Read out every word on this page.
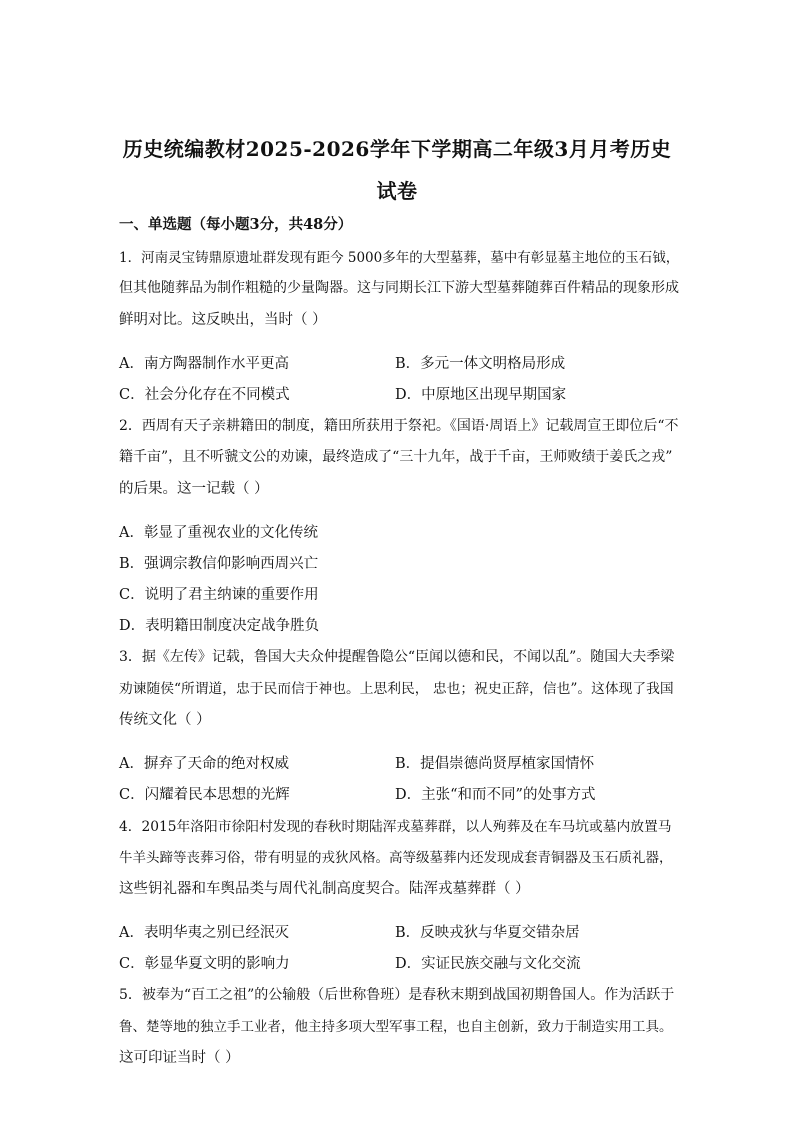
历史统编教材2025-2026学年下学期高二年级3月月考历史
试卷
一、单选题（每小题3分，共48分）
1．河南灵宝铸鼎原遗址群发现有距今 5000多年的大型墓葬，墓中有彰显墓主地位的玉石钺，
但其他随葬品为制作粗糙的少量陶器。这与同期长江下游大型墓葬随葬百件精品的现象形成
鲜明对比。这反映出，当时（ ）
A．南方陶器制作水平更高	B．多元一体文明格局形成
C．社会分化存在不同模式	D．中原地区出现早期国家
2．西周有天子亲耕籍田的制度，籍田所获用于祭祀。《国语·周语上》记载周宣王即位后“不
籍千亩”，且不听虢文公的劝谏，最终造成了“三十九年，战于千亩，王师败绩于姜氏之戎”
的后果。这一记载（ ）
A．彰显了重视农业的文化传统
B．强调宗教信仰影响西周兴亡
C．说明了君主纳谏的重要作用
D．表明籍田制度决定战争胜负
3．据《左传》记载，鲁国大夫众仲提醒鲁隐公“臣闻以德和民，不闻以乱”。随国大夫季梁
劝谏随侯“所谓道，忠于民而信于神也。上思利民， 忠也；祝史正辞，信也”。这体现了我国
传统文化（ ）
A．摒弃了天命的绝对权威	B．提倡崇德尚贤厚植家国情怀
C．闪耀着民本思想的光辉	D．主张“和而不同”的处事方式
4．2015年洛阳市徐阳村发现的春秋时期陆浑戎墓葬群，以人殉葬及在车马坑或墓内放置马
牛羊头蹄等丧葬习俗，带有明显的戎狄风格。高等级墓葬内还发现成套青铜器及玉石质礼器，
这些钥礼器和车舆品类与周代礼制高度契合。陆浑戎墓葬群（ ）
A．表明华夷之别已经泯灭	B．反映戎狄与华夏交错杂居
C．彰显华夏文明的影响力	D．实证民族交融与文化交流
5．被奉为“百工之祖”的公输般（后世称鲁班）是春秋末期到战国初期鲁国人。作为活跃于
鲁、楚等地的独立手工业者，他主持多项大型军事工程，也自主创新，致力于制造实用工具。
这可印证当时（ ）
